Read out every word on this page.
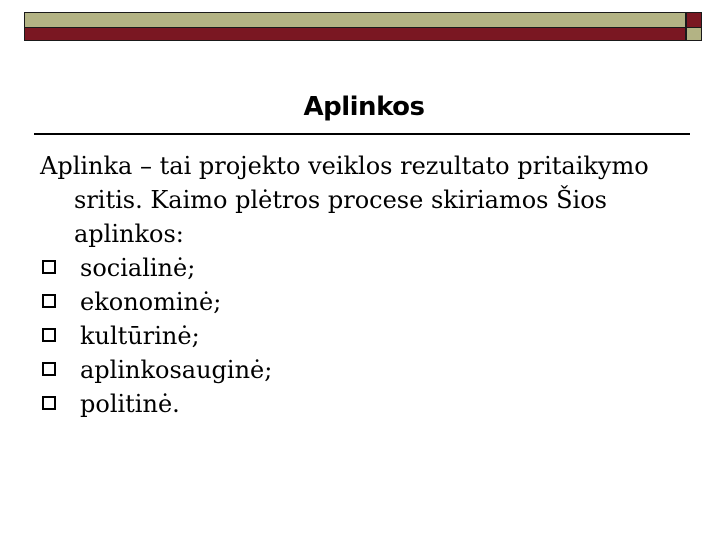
Aplinkos

Aplinka – tai projekto veiklos rezultato pritaikymo sritis. Kaimo plėtros procese skiriamos Šios aplinkos:

socialinė;
ekonominė;
kultūrinė;
aplinkosauginė;
politinė.
